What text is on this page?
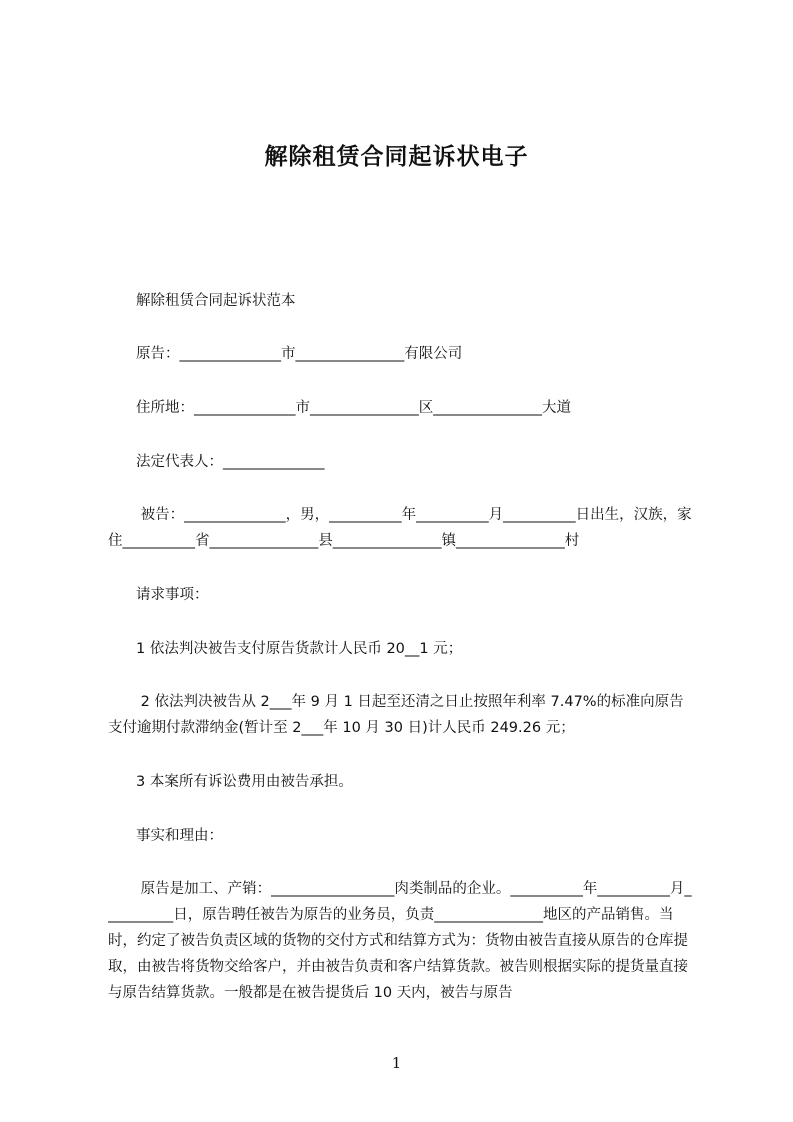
解除租赁合同起诉状电子

解除租赁合同起诉状范本

原告：______________市_______________有限公司

住所地：______________市_______________区_______________大道

法定代表人：______________

被告：______________，男，__________年__________月__________日出生，汉族，家住__________省_______________县_______________镇_______________村

请求事项：

1 依法判决被告支付原告货款计人民币 20__1 元；

2 依法判决被告从 2___年 9 月 1 日起至还清之日止按照年利率 7.47%的标准向原告支付逾期付款滞纳金(暂计至 2___年 10 月 30 日)计人民币 249.26 元；

3 本案所有诉讼费用由被告承担。

事实和理由：

原告是加工、产销：_________________肉类制品的企业。__________年__________月__________日，原告聘任被告为原告的业务员，负责_______________地区的产品销售。当时，约定了被告负责区域的货物的交付方式和结算方式为：货物由被告直接从原告的仓库提取，由被告将货物交给客户，并由被告负责和客户结算货款。被告则根据实际的提货量直接与原告结算货款。一般都是在被告提货后 10 天内，被告与原告

1
